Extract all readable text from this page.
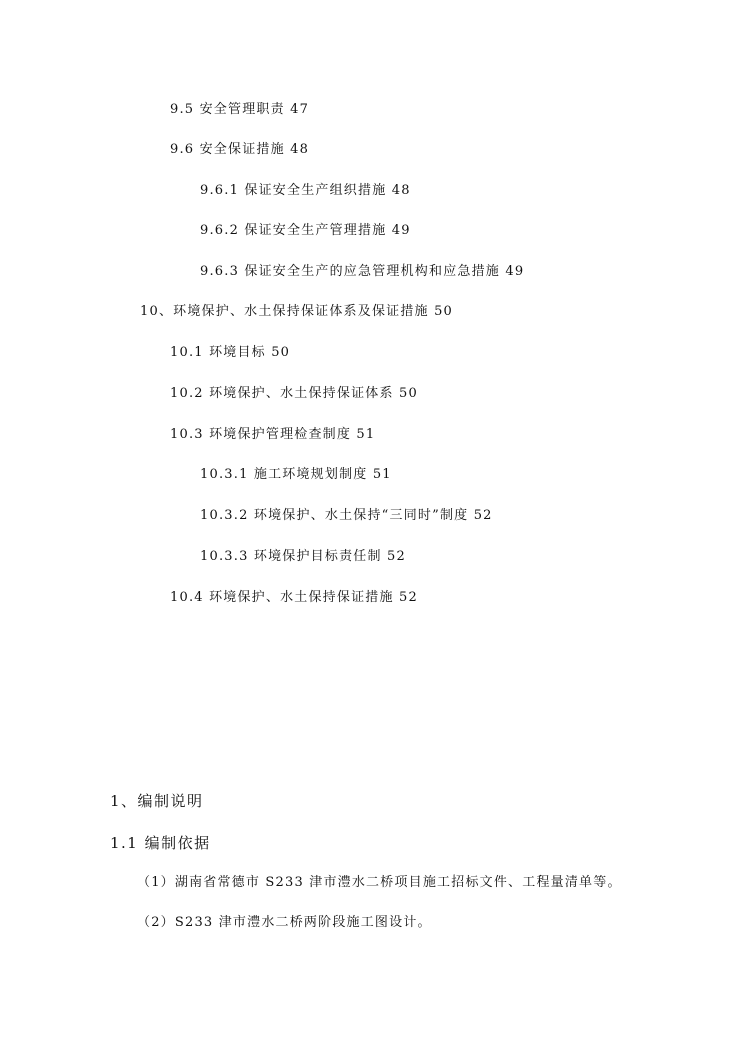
9.5 安全管理职责 47
9.6 安全保证措施 48
9.6.1 保证安全生产组织措施 48
9.6.2 保证安全生产管理措施 49
9.6.3 保证安全生产的应急管理机构和应急措施 49
10、环境保护、水土保持保证体系及保证措施 50
10.1 环境目标 50
10.2 环境保护、水土保持保证体系 50
10.3 环境保护管理检查制度 51
10.3.1 施工环境规划制度 51
10.3.2 环境保护、水土保持“三同时”制度 52
10.3.3 环境保护目标责任制 52
10.4 环境保护、水土保持保证措施 52
1、编制说明
1.1 编制依据
（1）湖南省常德市 S233 津市澧水二桥项目施工招标文件、工程量清单等。
（2）S233 津市澧水二桥两阶段施工图设计。
